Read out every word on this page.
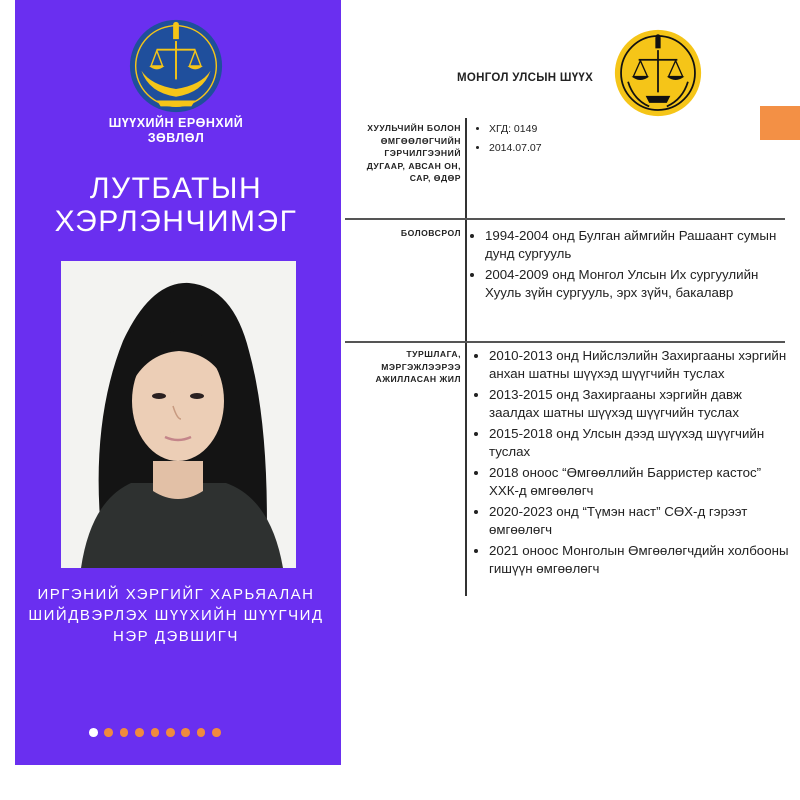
ШҮҮХИЙН ЕРӨНХИЙ
ЗӨВЛӨЛ
ЛУТБАТЫН
ХЭРЛЭНЧИМЭГ
ИРГЭНИЙ ХЭРГИЙГ ХАРЬЯАЛАН
ШИЙДВЭРЛЭХ ШҮҮХИЙН ШҮҮГЧИД
НЭР ДЭВШИГЧ
МОНГОЛ УЛСЫН ШҮҮХ
ХУУЛЬЧИЙН БОЛОН ӨМГӨӨЛӨГЧИЙН ГЭРЧИЛГЭЭНИЙ ДУГААР, АВСАН ОН, САР, ӨДӨР
• ХГД: 0149
• 2014.07.07
БОЛОВСРОЛ
• 1994-2004 онд Булган аймгийн Рашаант сумын дунд сургууль
• 2004-2009 онд Монгол Улсын Их сургуулийн Хууль зүйн сургууль, эрх зүйч, бакалавр
ТУРШЛАГА, МЭРГЭЖЛЭЭРЭЭ АЖИЛЛАСАН ЖИЛ
• 2010-2013 онд Нийслэлийн Захиргааны хэргийн анхан шатны шүүхэд шүүгчийн туслах
• 2013-2015 онд Захиргааны хэргийн давж заалдах шатны шүүхэд шүүгчийн туслах
• 2015-2018 онд Улсын дээд шүүхэд шүүгчийн туслах
• 2018 оноос “Өмгөөллийн Барристер кастос” ХХК-д өмгөөлөгч
• 2020-2023 онд “Түмэн наст” СӨХ-д гэрээт өмгөөлөгч
• 2021 оноос Монголын Өмгөөлөгчдийн холбооны гишүүн өмгөөлөгч
